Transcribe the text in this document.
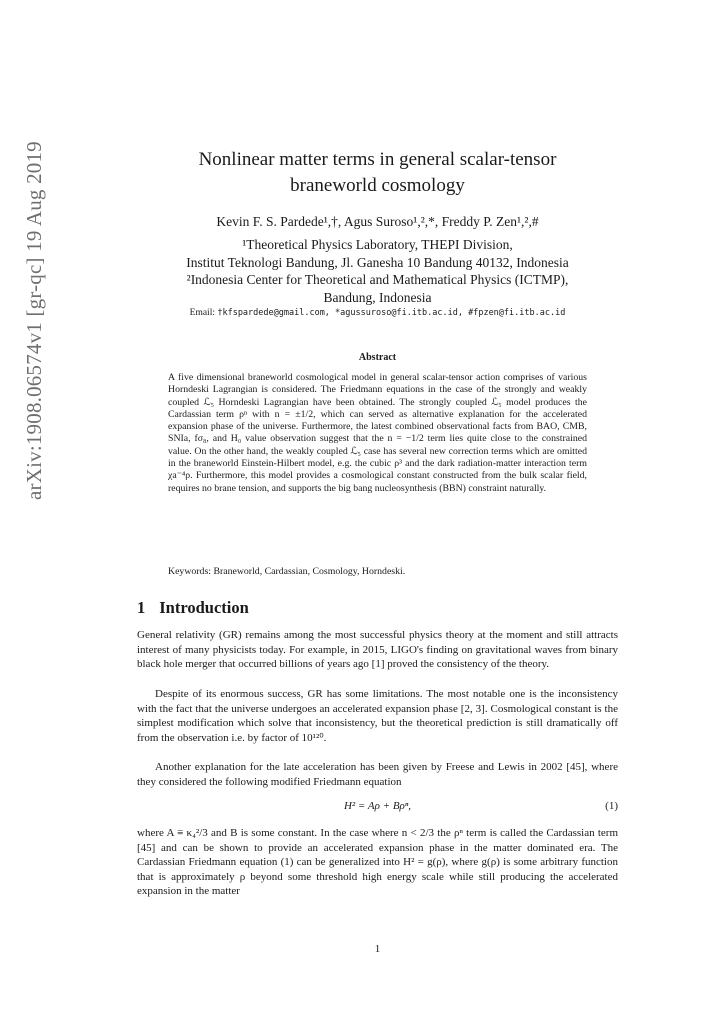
arXiv:1908.06574v1 [gr-qc] 19 Aug 2019	Nonlinear matter terms in general scalar-tensor
braneworld cosmology
Kevin F. S. Pardede¹,†, Agus Suroso¹,²,*, Freddy P. Zen¹,²,#
¹Theoretical Physics Laboratory, THEPI Division,
Institut Teknologi Bandung, Jl. Ganesha 10 Bandung 40132, Indonesia
²Indonesia Center for Theoretical and Mathematical Physics (ICTMP),
Bandung, Indonesia
Email: †kfspardede@gmail.com, *agussuroso@fi.itb.ac.id, #fpzen@fi.itb.ac.id
Abstract
A five dimensional braneworld cosmological model in general scalar-tensor action comprises of various Horndeski Lagrangian is considered. The Friedmann equations in the case of the strongly and weakly coupled ℒ₅ Horndeski Lagrangian have been obtained. The strongly coupled ℒ₅ model produces the Cardassian term ρⁿ with n = ±1/2, which can served as alternative explanation for the accelerated expansion phase of the universe. Furthermore, the latest combined observational facts from BAO, CMB, SNIa, fσ₈, and H₀ value observation suggest that the n = −1/2 term lies quite close to the constrained value. On the other hand, the weakly coupled ℒ₅ case has several new correction terms which are omitted in the braneworld Einstein-Hilbert model, e.g. the cubic ρ³ and the dark radiation-matter interaction term χa⁻⁴ρ. Furthermore, this model provides a cosmological constant constructed from the bulk scalar field, requires no brane tension, and supports the big bang nucleosynthesis (BBN) constraint naturally.
Keywords: Braneworld, Cardassian, Cosmology, Horndeski.
1 Introduction
General relativity (GR) remains among the most successful physics theory at the moment and still attracts interest of many physicists today. For example, in 2015, LIGO's finding on gravitational waves from binary black hole merger that occurred billions of years ago [1] proved the consistency of the theory.
Despite of its enormous success, GR has some limitations. The most notable one is the inconsistency with the fact that the universe undergoes an accelerated expansion phase [2, 3]. Cosmological constant is the simplest modification which solve that inconsistency, but the theoretical prediction is still dramatically off from the observation i.e. by factor of 10¹²⁰.
Another explanation for the late acceleration has been given by Freese and Lewis in 2002 [45], where they considered the following modified Friedmann equation
H² = Aρ + Bρⁿ,	(1)
where A ≡ κ₄²/3 and B is some constant. In the case where n < 2/3 the ρⁿ term is called the Cardassian term [45] and can be shown to provide an accelerated expansion phase in the matter dominated era. The Cardassian Friedmann equation (1) can be generalized into H² = g(ρ), where g(ρ) is some arbitrary function that is approximately ρ beyond some threshold high energy scale while still producing the accelerated expansion in the matter
1
